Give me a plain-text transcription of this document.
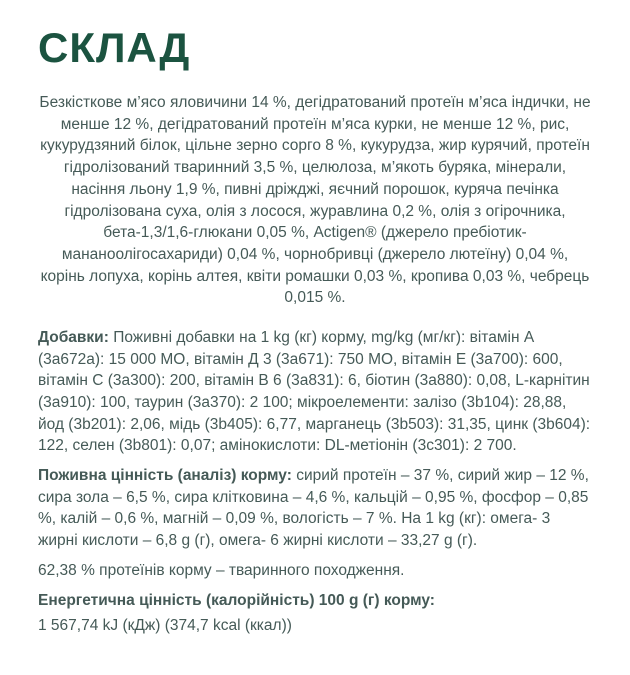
СКЛАД

Безкісткове м’ясо яловичини 14 %, дегідратований протеїн м’яса індички, не менше 12 %, дегідратований протеїн м’яса курки, не менше 12 %, рис, кукурудзяний білок, цільне зерно сорго 8 %, кукурудза, жир курячий, протеїн гідролізований тваринний 3,5 %, целюлоза, м’якоть буряка, мінерали, насіння льону 1,9 %, пивні дріжджі, яєчний порошок, куряча печінка гідролізована суха, олія з лосося, журавлина 0,2 %, олія з огірочника, бета-1,3/1,6-глюкани 0,05 %, Actigen® (джерело пребіотик-мананоолігосахариди) 0,04 %, чорнобривці (джерело лютеїну) 0,04 %, корінь лопуха, корінь алтея, квіти ромашки 0,03 %, кропива 0,03 %, чебрець 0,015 %.

Добавки: Поживні добавки на 1 kg (кг) корму, mg/kg (мг/кг): вітамін А (3a672a): 15 000 МО, вітамін Д 3 (3a671): 750 МО, вітамін Е (3a700): 600, вітамін С (3a300): 200, вітамін В 6 (3a831): 6, біотин (3a880): 0,08, L-карнітин (3a910): 100, таурин (3a370): 2 100; мікроелементи: залізо (3b104): 28,88, йод (3b201): 2,06, мідь (3b405): 6,77, марганець (3b503): 31,35, цинк (3b604): 122, селен (3b801): 0,07; амінокислоти: DL-метіонін (3c301): 2 700.

Поживна цінність (аналіз) корму: сирий протеїн – 37 %, сирий жир – 12 %, сира зола – 6,5 %, сира клітковина – 4,6 %, кальцій – 0,95 %, фосфор – 0,85 %, калій – 0,6 %, магній – 0,09 %, вологість – 7 %. На 1 kg (кг): омега- 3 жирні кислоти – 6,8 g (г), омега- 6 жирні кислоти – 33,27 g (г).

62,38 % протеїнів корму – тваринного походження.

Енергетична цінність (калорійність) 100 g (г) корму:
1 567,74 kJ (кДж) (374,7 kcal (ккал))
